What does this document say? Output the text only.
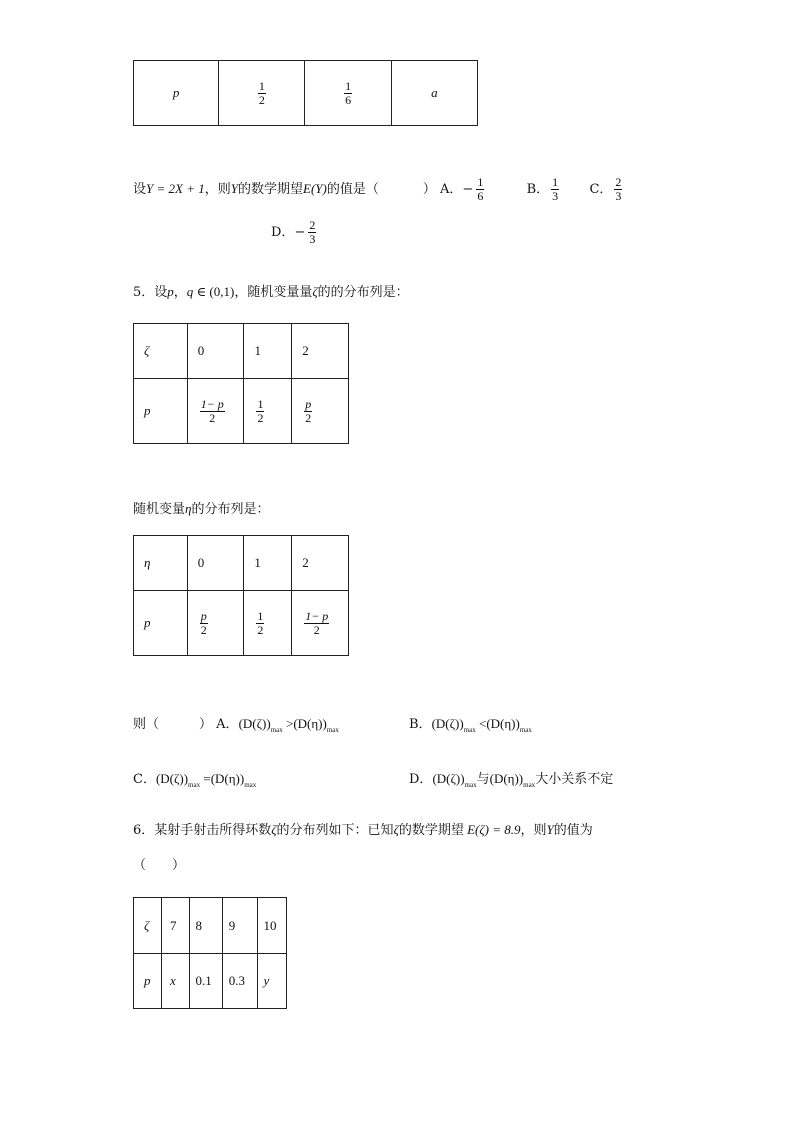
p	$\frac{1}{2}$	$\frac{1}{6}$	a
设Y = 2X + 1，则Y的数学期望E(Y)的值是（	） A．− $\frac{1}{6}$	B． $\frac{1}{3}$ C． $\frac{2}{3}$
D．− $\frac{2}{3}$
5．设p，q ∈ (0,1)，随机变量量ζ的的分布列是：
ζ	0	1	2
p	$\frac{1- p}{2}$	$\frac{1}{2}$	$\frac{p}{2}$
随机变量η的分布列是：
η	0	1	2
p	$\frac{p}{2}$	$\frac{1}{2}$	$\frac{1- p}{2}$
则（	） A．$(D(\zeta))_{max} >(D(\eta))_{max}$	B．$(D(\zeta))_{max} <(D(\eta))_{max}$
C．$(D(\zeta))_{max} =(D(\eta))_{max}$	D．$(D(\zeta))_{max}$与$(D(\eta))_{max}$大小关系不定
6．某射手射击所得环数ζ的分布列如下：已知ζ的数学期望 E(ζ) = 8.9，则Y的值为
（　　）
ζ	7	8	9	10
p	x	0.1	0.3	y
